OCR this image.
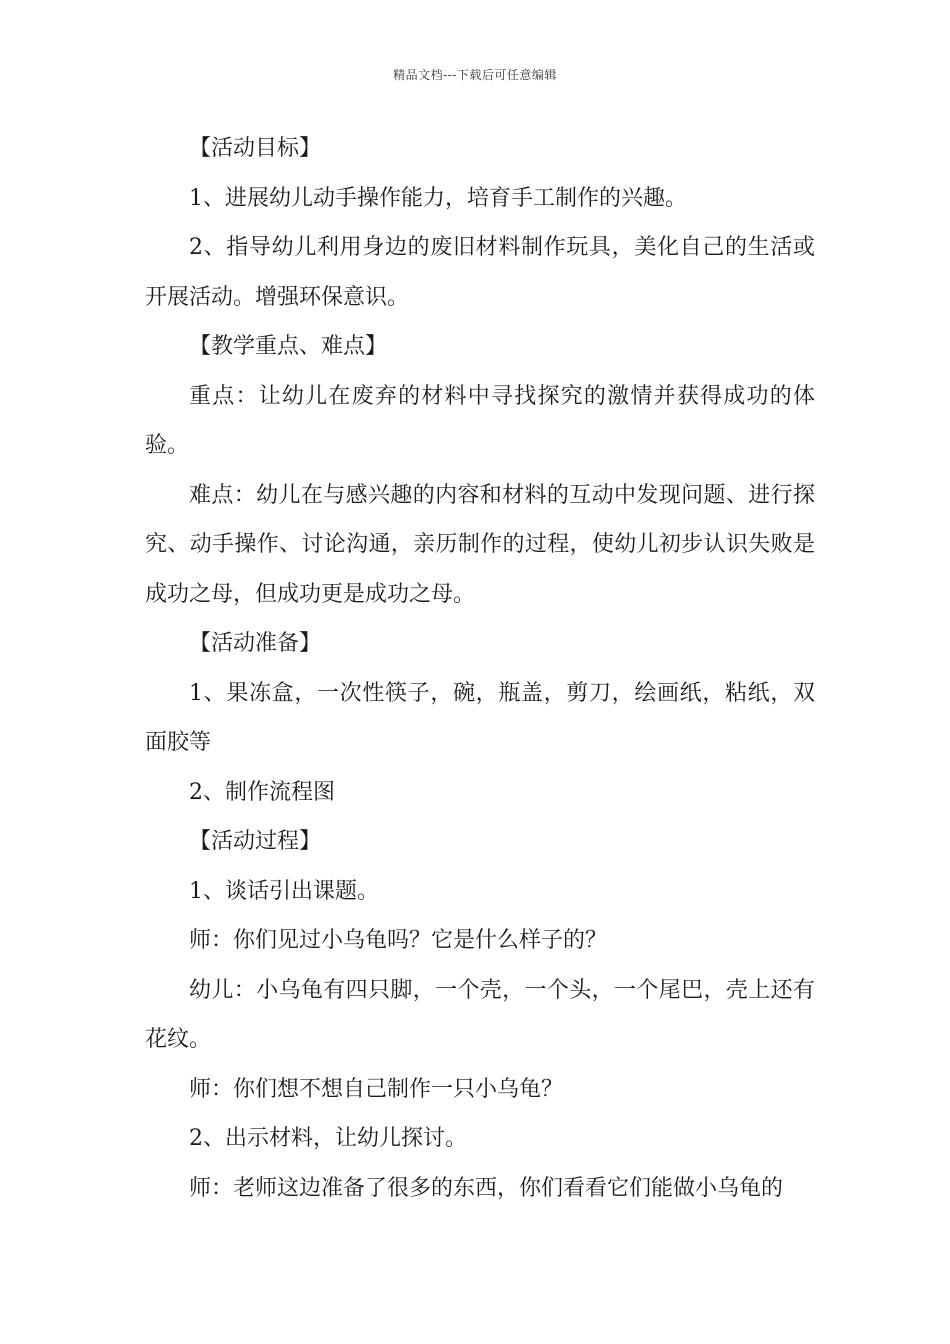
精品文档---下载后可任意编辑

【活动目标】

1、进展幼儿动手操作能力，培育手工制作的兴趣。

2、指导幼儿利用身边的废旧材料制作玩具，美化自己的生活或开展活动。增强环保意识。

【教学重点、难点】

重点：让幼儿在废弃的材料中寻找探究的激情并获得成功的体验。

难点：幼儿在与感兴趣的内容和材料的互动中发现问题、进行探究、动手操作、讨论沟通，亲历制作的过程，使幼儿初步认识失败是成功之母，但成功更是成功之母。

【活动准备】

1、果冻盒，一次性筷子，碗，瓶盖，剪刀，绘画纸，粘纸，双面胶等

2、制作流程图

【活动过程】

1、谈话引出课题。

师：你们见过小乌龟吗？它是什么样子的？

幼儿：小乌龟有四只脚，一个壳，一个头，一个尾巴，壳上还有花纹。

师：你们想不想自己制作一只小乌龟？

2、出示材料，让幼儿探讨。

师：老师这边准备了很多的东西，你们看看它们能做小乌龟的
